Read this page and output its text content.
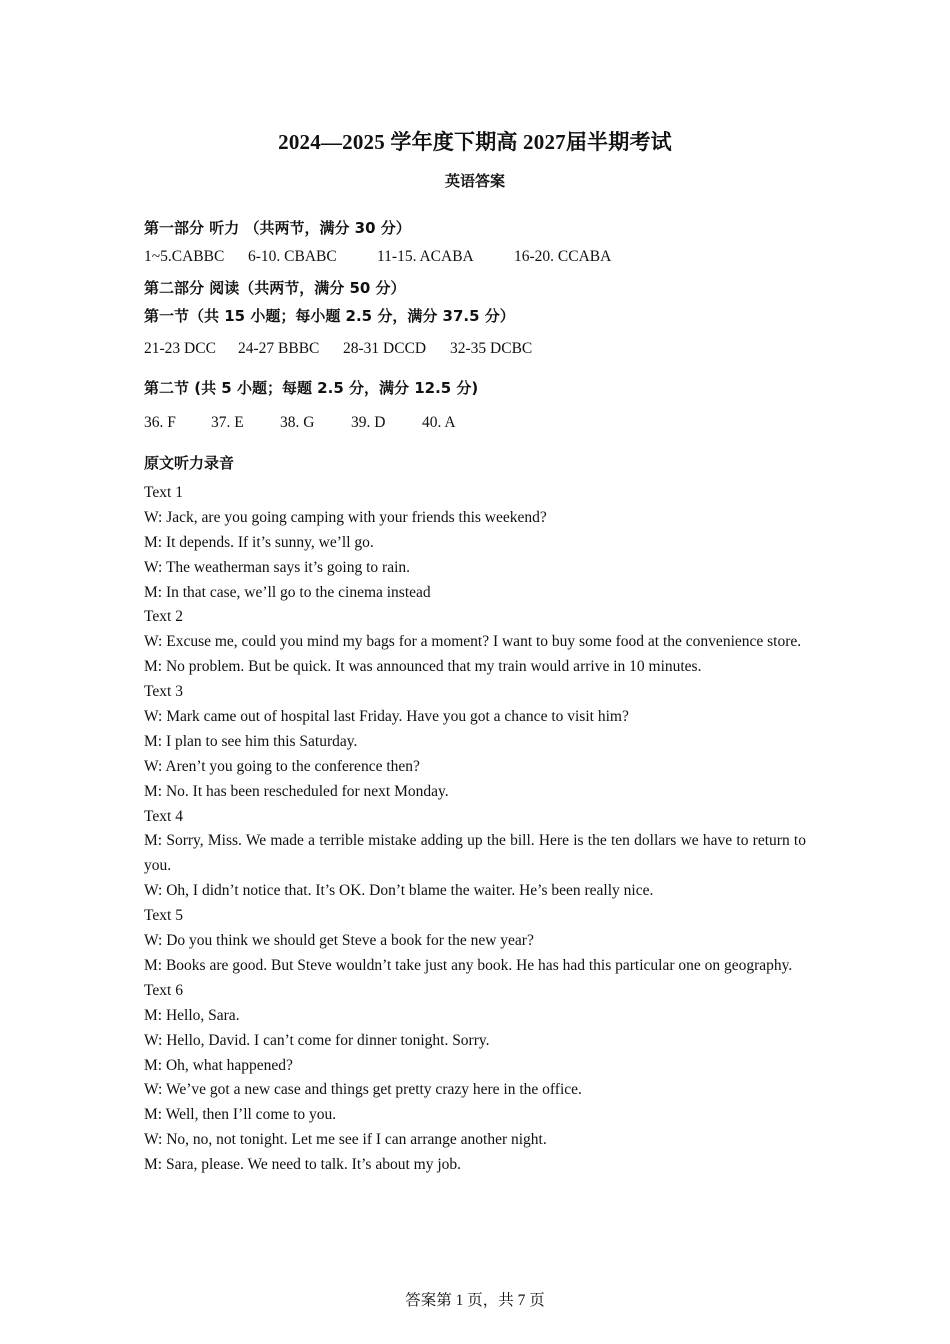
2024—2025 学年度下期高 2027届半期考试
英语答案
第一部分 听力 （共两节，满分 30 分）
1~5.CABBC 6-10. CBABC	11-15. ACABA	16-20. CCABA
第二部分 阅读（共两节，满分 50 分）
第一节（共 15 小题；每小题 2.5 分，满分 37.5 分）
21-23 DCC 24-27 BBBC 28-31 DCCD 32-35 DCBC
第二节 (共 5 小题；每题 2.5 分，满分 12.5 分)
36. F 37. E 38. G 39. D 40. A
原文听力录音
Text 1
W: Jack, are you going camping with your friends this weekend?
M: It depends. If it’s sunny, we’ll go.
W: The weatherman says it’s going to rain.
M: In that case, we’ll go to the cinema instead
Text 2
W: Excuse me, could you mind my bags for a moment? I want to buy some food at the convenience store.
M: No problem. But be quick. It was announced that my train would arrive in 10 minutes.
Text 3
W: Mark came out of hospital last Friday. Have you got a chance to visit him?
M: I plan to see him this Saturday.
W: Aren’t you going to the conference then?
M: No. It has been rescheduled for next Monday.
Text 4
M: Sorry, Miss. We made a terrible mistake adding up the bill. Here is the ten dollars we have to return to you.
W: Oh, I didn’t notice that. It’s OK. Don’t blame the waiter. He’s been really nice.
Text 5
W: Do you think we should get Steve a book for the new year?
M: Books are good. But Steve wouldn’t take just any book. He has had this particular one on geography.
Text 6
M: Hello, Sara.
W: Hello, David. I can’t come for dinner tonight. Sorry.
M: Oh, what happened?
W: We’ve got a new case and things get pretty crazy here in the office.
M: Well, then I’ll come to you.
W: No, no, not tonight. Let me see if I can arrange another night.
M: Sara, please. We need to talk. It’s about my job.
答案第 1 页，共 7 页
